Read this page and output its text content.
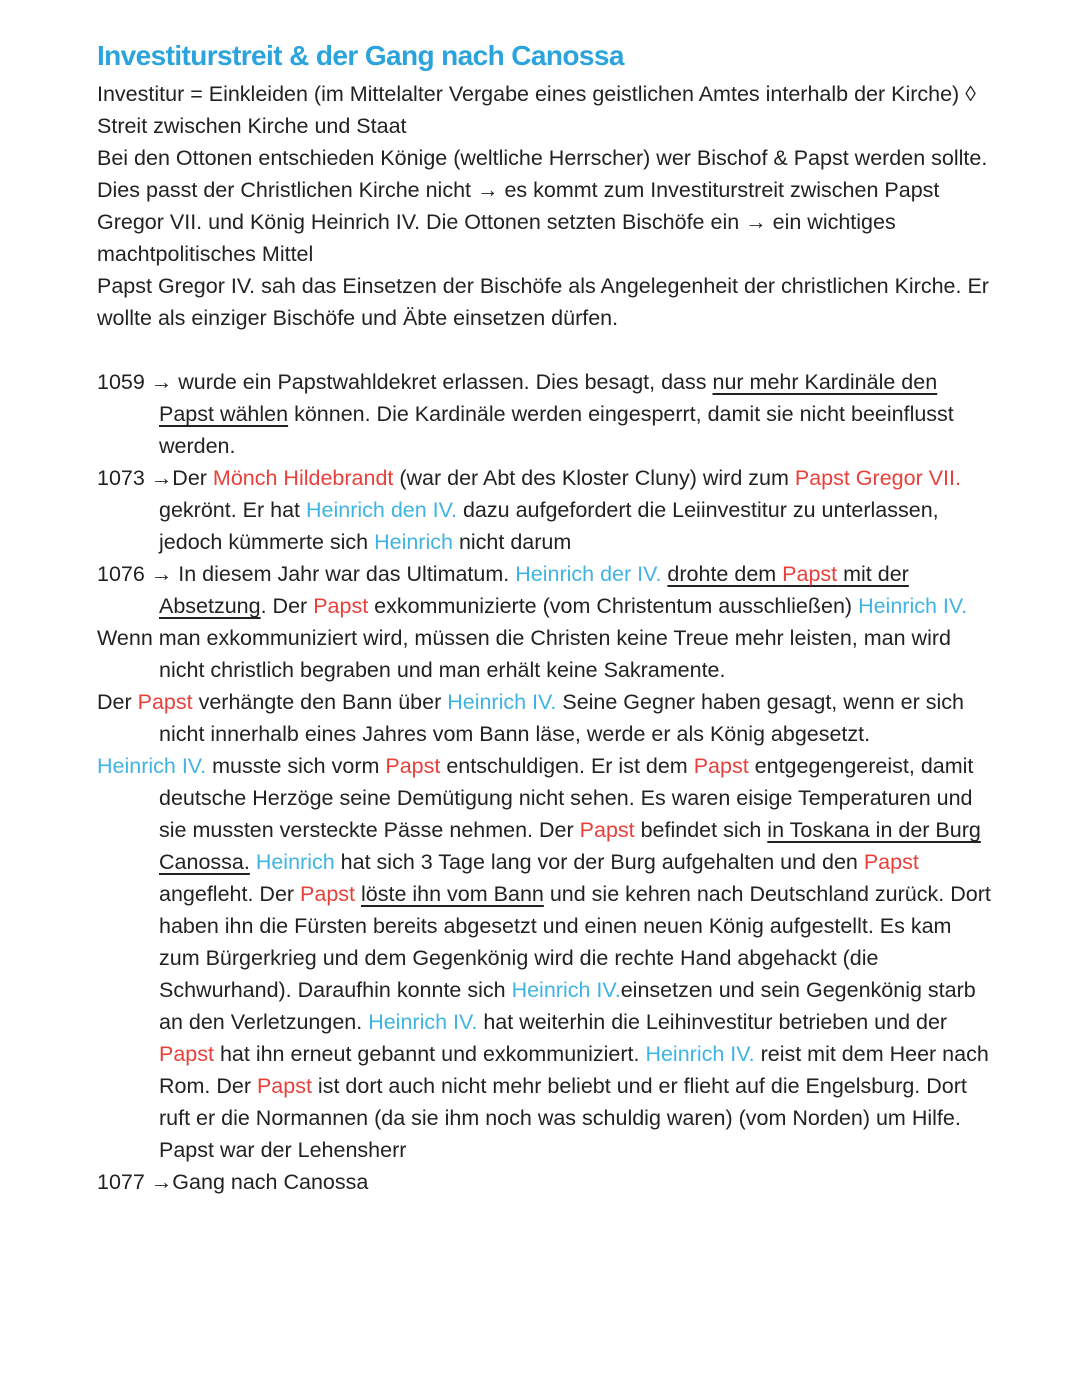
Investiturstreit & der Gang nach Canossa

Investitur = Einkleiden (im Mittelalter Vergabe eines geistlichen Amtes interhalb der Kirche) ◊ Streit zwischen Kirche und Staat

Bei den Ottonen entschieden Könige (weltliche Herrscher) wer Bischof & Papst werden sollte. Dies passt der Christlichen Kirche nicht → es kommt zum Investiturstreit zwischen Papst Gregor VII. und König Heinrich IV. Die Ottonen setzten Bischöfe ein → ein wichtiges machtpolitisches Mittel

Papst Gregor IV. sah das Einsetzen der Bischöfe als Angelegenheit der christlichen Kirche. Er wollte als einziger Bischöfe und Äbte einsetzen dürfen.

1059 → wurde ein Papstwahldekret erlassen. Dies besagt, dass nur mehr Kardinäle den Papst wählen können. Die Kardinäle werden eingesperrt, damit sie nicht beeinflusst werden.

1073 →Der Mönch Hildebrandt (war der Abt des Kloster Cluny) wird zum Papst Gregor VII. gekrönt. Er hat Heinrich den IV. dazu aufgefordert die Leiinvestitur zu unterlassen, jedoch kümmerte sich Heinrich nicht darum

1076 → In diesem Jahr war das Ultimatum. Heinrich der IV. drohte dem Papst mit der Absetzung. Der Papst exkommunizierte (vom Christentum ausschließen) Heinrich IV.

Wenn man exkommuniziert wird, müssen die Christen keine Treue mehr leisten, man wird nicht christlich begraben und man erhält keine Sakramente.

Der Papst verhängte den Bann über Heinrich IV. Seine Gegner haben gesagt, wenn er sich nicht innerhalb eines Jahres vom Bann läse, werde er als König abgesetzt.

Heinrich IV. musste sich vorm Papst entschuldigen. Er ist dem Papst entgegengereist, damit deutsche Herzöge seine Demütigung nicht sehen. Es waren eisige Temperaturen und sie mussten versteckte Pässe nehmen. Der Papst befindet sich in Toskana in der Burg Canossa. Heinrich hat sich 3 Tage lang vor der Burg aufgehalten und den Papst angefleht. Der Papst löste ihn vom Bann und sie kehren nach Deutschland zurück. Dort haben ihn die Fürsten bereits abgesetzt und einen neuen König aufgestellt. Es kam zum Bürgerkrieg und dem Gegenkönig wird die rechte Hand abgehackt (die Schwurhand). Daraufhin konnte sich Heinrich IV.einsetzen und sein Gegenkönig starb an den Verletzungen. Heinrich IV. hat weiterhin die Leihinvestitur betrieben und der Papst hat ihn erneut gebannt und exkommuniziert. Heinrich IV. reist mit dem Heer nach Rom. Der Papst ist dort auch nicht mehr beliebt und er flieht auf die Engelsburg. Dort ruft er die Normannen (da sie ihm noch was schuldig waren) (vom Norden) um Hilfe. Papst war der Lehensherr

1077 →Gang nach Canossa
